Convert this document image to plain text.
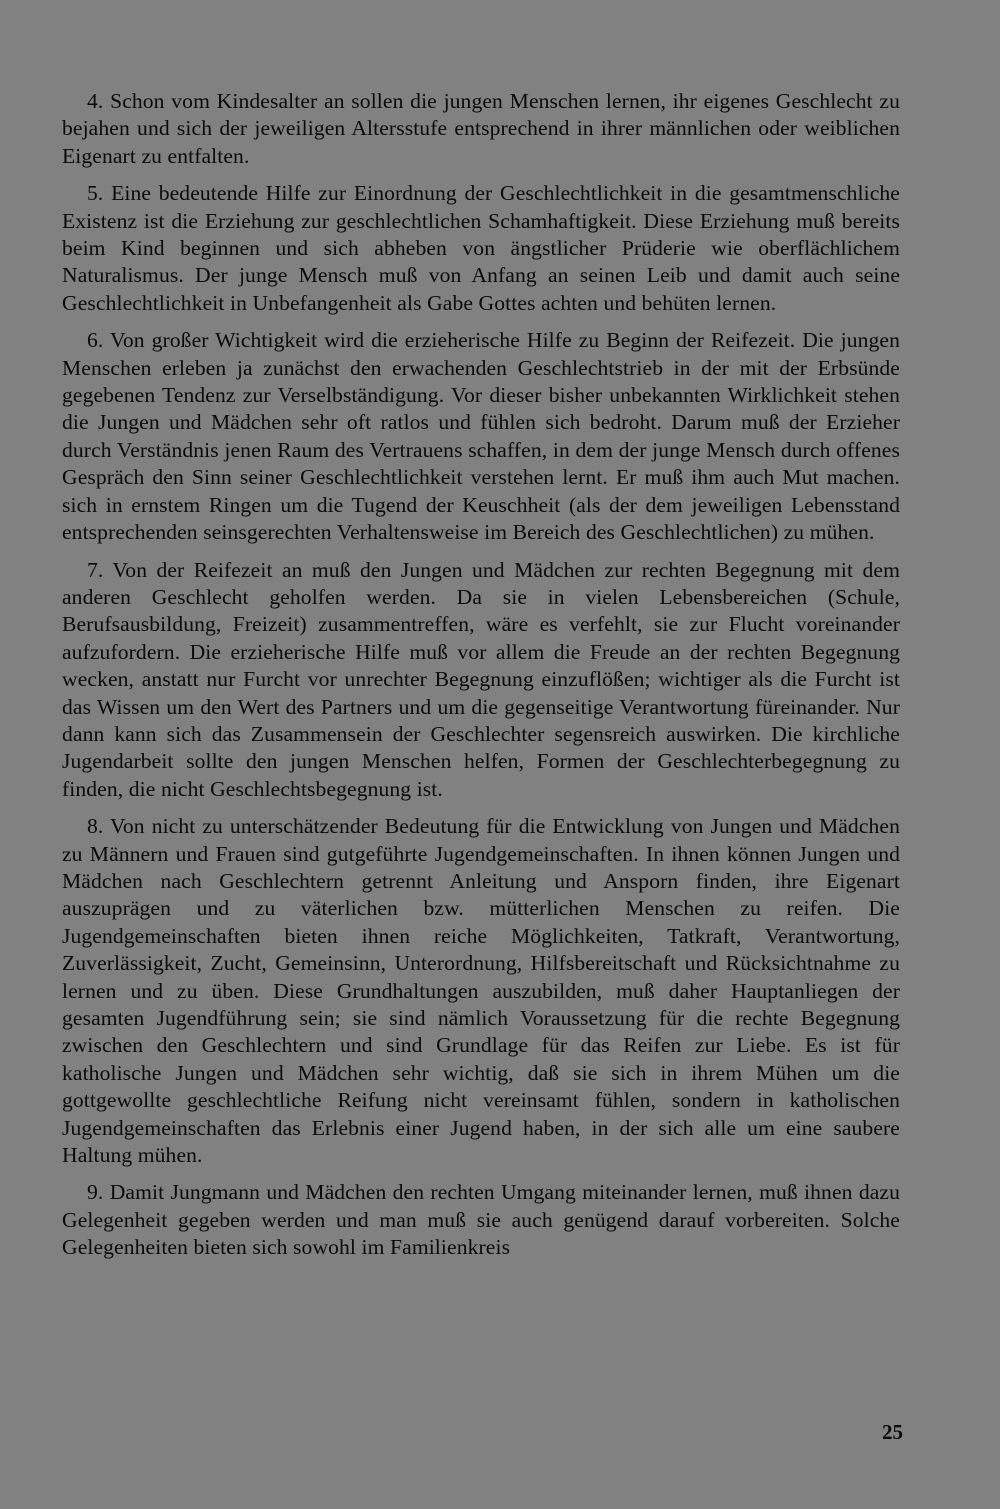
4. Schon vom Kindesalter an sollen die jungen Menschen lernen, ihr eigenes Geschlecht zu bejahen und sich der jeweiligen Altersstufe entsprechend in ihrer männlichen oder weiblichen Eigenart zu entfalten.

5. Eine bedeutende Hilfe zur Einordnung der Geschlechtlichkeit in die gesamtmenschliche Existenz ist die Erziehung zur geschlechtlichen Schamhaftigkeit. Diese Erziehung muß bereits beim Kind beginnen und sich abheben von ängstlicher Prüderie wie oberflächlichem Naturalismus. Der junge Mensch muß von Anfang an seinen Leib und damit auch seine Geschlechtlichkeit in Unbefangenheit als Gabe Gottes achten und behüten lernen.

6. Von großer Wichtigkeit wird die erzieherische Hilfe zu Beginn der Reifezeit. Die jungen Menschen erleben ja zunächst den erwachenden Geschlechtstrieb in der mit der Erbsünde gegebenen Tendenz zur Verselbständigung. Vor dieser bisher unbekannten Wirklichkeit stehen die Jungen und Mädchen sehr oft ratlos und fühlen sich bedroht. Darum muß der Erzieher durch Verständnis jenen Raum des Vertrauens schaffen, in dem der junge Mensch durch offenes Gespräch den Sinn seiner Geschlechtlichkeit verstehen lernt. Er muß ihm auch Mut machen. sich in ernstem Ringen um die Tugend der Keuschheit (als der dem jeweiligen Lebensstand entsprechenden seinsgerechten Verhaltensweise im Bereich des Geschlechtlichen) zu mühen.

7. Von der Reifezeit an muß den Jungen und Mädchen zur rechten Begegnung mit dem anderen Geschlecht geholfen werden. Da sie in vielen Lebensbereichen (Schule, Berufsausbildung, Freizeit) zusammentreffen, wäre es verfehlt, sie zur Flucht voreinander aufzufordern. Die erzieherische Hilfe muß vor allem die Freude an der rechten Begegnung wecken, anstatt nur Furcht vor unrechter Begegnung einzuflößen; wichtiger als die Furcht ist das Wissen um den Wert des Partners und um die gegenseitige Verantwortung füreinander. Nur dann kann sich das Zusammensein der Geschlechter segensreich auswirken. Die kirchliche Jugendarbeit sollte den jungen Menschen helfen, Formen der Geschlechterbegegnung zu finden, die nicht Geschlechtsbegegnung ist.

8. Von nicht zu unterschätzender Bedeutung für die Entwicklung von Jungen und Mädchen zu Männern und Frauen sind gutgeführte Jugendgemeinschaften. In ihnen können Jungen und Mädchen nach Geschlechtern getrennt Anleitung und Ansporn finden, ihre Eigenart auszuprägen und zu väterlichen bzw. mütterlichen Menschen zu reifen. Die Jugendgemeinschaften bieten ihnen reiche Möglichkeiten, Tatkraft, Verantwortung, Zuverlässigkeit, Zucht, Gemeinsinn, Unterordnung, Hilfsbereitschaft und Rücksichtnahme zu lernen und zu üben. Diese Grundhaltungen auszubilden, muß daher Hauptanliegen der gesamten Jugendführung sein; sie sind nämlich Voraussetzung für die rechte Begegnung zwischen den Geschlechtern und sind Grundlage für das Reifen zur Liebe. Es ist für katholische Jungen und Mädchen sehr wichtig, daß sie sich in ihrem Mühen um die gottgewollte geschlechtliche Reifung nicht vereinsamt fühlen, sondern in katholischen Jugendgemeinschaften das Erlebnis einer Jugend haben, in der sich alle um eine saubere Haltung mühen.

9. Damit Jungmann und Mädchen den rechten Umgang miteinander lernen, muß ihnen dazu Gelegenheit gegeben werden und man muß sie auch genügend darauf vorbereiten. Solche Gelegenheiten bieten sich sowohl im Familienkreis

25
